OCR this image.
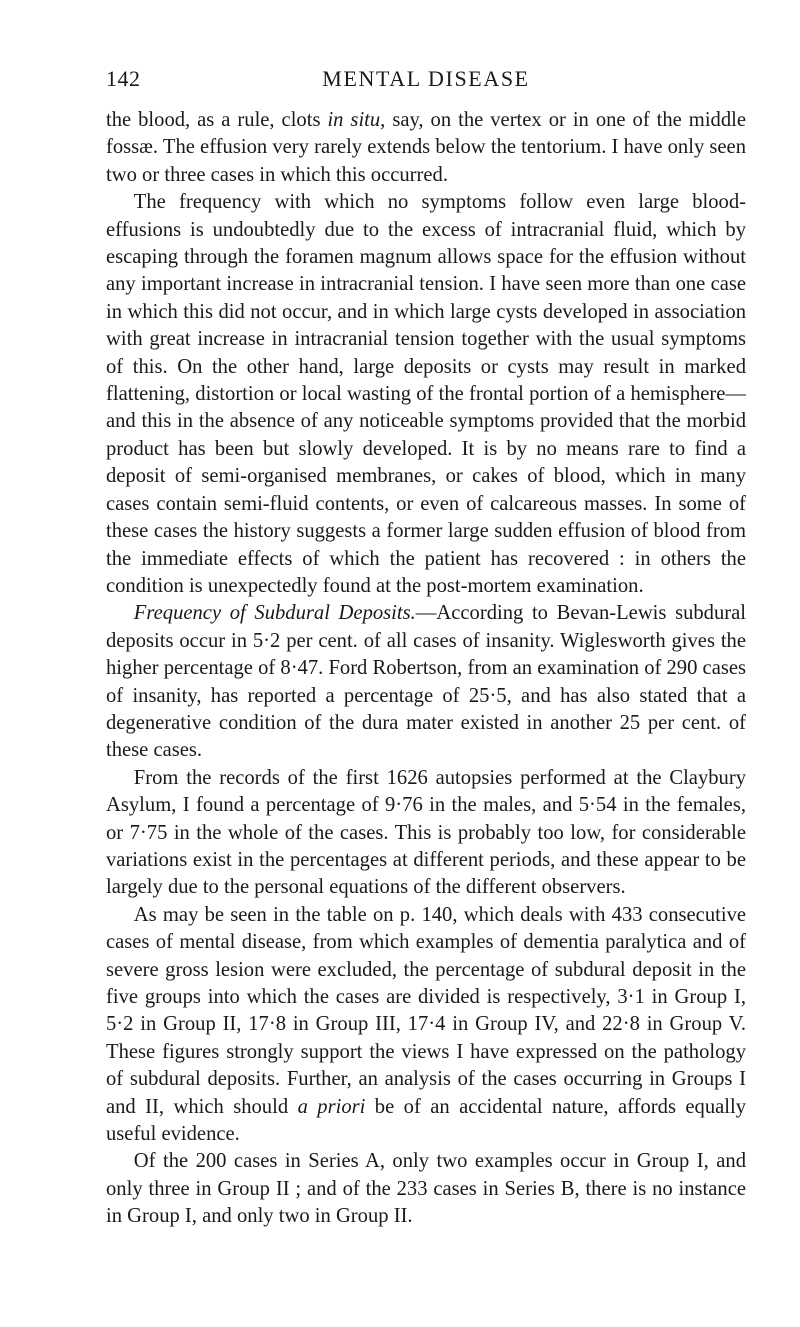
142	MENTAL DISEASE

the blood, as a rule, clots in situ, say, on the vertex or in one of the middle fossæ. The effusion very rarely extends below the tentorium. I have only seen two or three cases in which this occurred.

The frequency with which no symptoms follow even large blood-effusions is undoubtedly due to the excess of intracranial fluid, which by escaping through the foramen magnum allows space for the effusion without any important increase in intracranial tension. I have seen more than one case in which this did not occur, and in which large cysts developed in association with great increase in intracranial tension together with the usual symptoms of this. On the other hand, large deposits or cysts may result in marked flattening, distortion or local wasting of the frontal portion of a hemisphere—and this in the absence of any noticeable symptoms provided that the morbid product has been but slowly developed. It is by no means rare to find a deposit of semi-organised membranes, or cakes of blood, which in many cases contain semi-fluid contents, or even of calcareous masses. In some of these cases the history suggests a former large sudden effusion of blood from the immediate effects of which the patient has recovered : in others the condition is unexpectedly found at the post-mortem examination.

Frequency of Subdural Deposits.—According to Bevan-Lewis subdural deposits occur in 5·2 per cent. of all cases of insanity. Wiglesworth gives the higher percentage of 8·47. Ford Robertson, from an examination of 290 cases of insanity, has reported a percentage of 25·5, and has also stated that a degenerative condition of the dura mater existed in another 25 per cent. of these cases.

From the records of the first 1626 autopsies performed at the Claybury Asylum, I found a percentage of 9·76 in the males, and 5·54 in the females, or 7·75 in the whole of the cases. This is probably too low, for considerable variations exist in the percentages at different periods, and these appear to be largely due to the personal equations of the different observers.

As may be seen in the table on p. 140, which deals with 433 consecutive cases of mental disease, from which examples of dementia paralytica and of severe gross lesion were excluded, the percentage of subdural deposit in the five groups into which the cases are divided is respectively, 3·1 in Group I, 5·2 in Group II, 17·8 in Group III, 17·4 in Group IV, and 22·8 in Group V. These figures strongly support the views I have expressed on the pathology of subdural deposits. Further, an analysis of the cases occurring in Groups I and II, which should a priori be of an accidental nature, affords equally useful evidence.

Of the 200 cases in Series A, only two examples occur in Group I, and only three in Group II ; and of the 233 cases in Series B, there is no instance in Group I, and only two in Group II.
